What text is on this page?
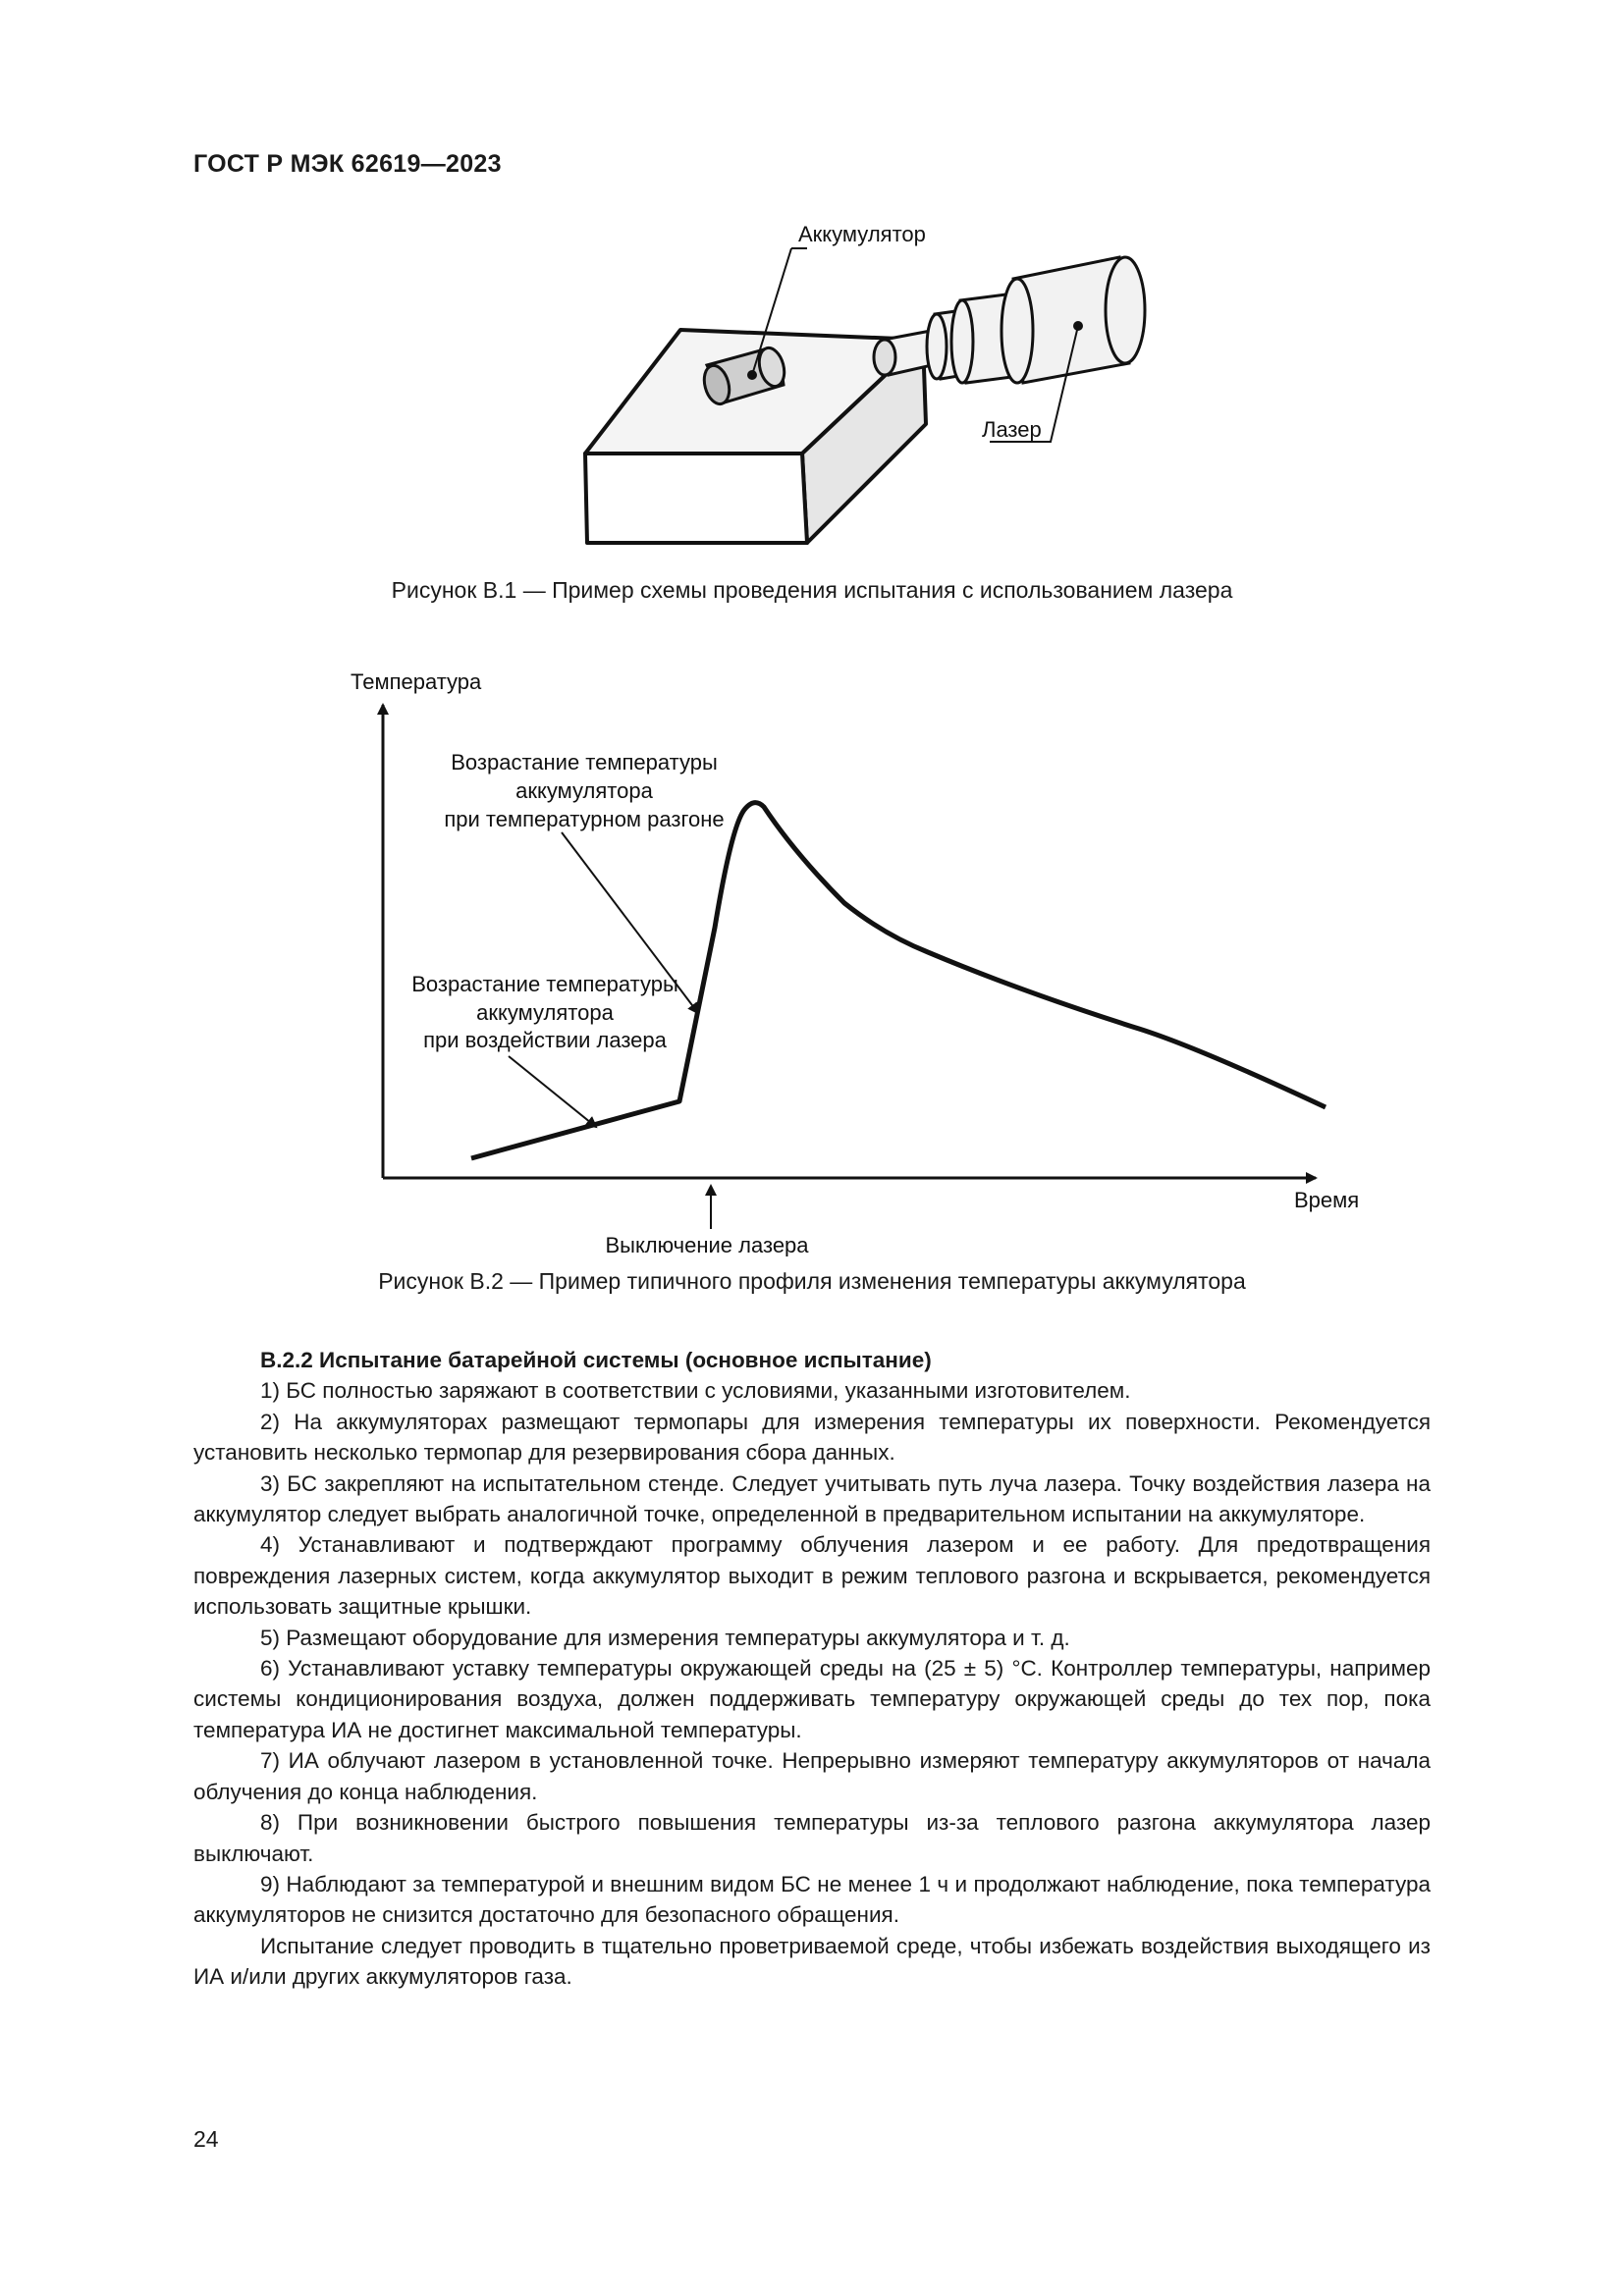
ГОСТ Р МЭК 62619—2023
Аккумулятор
Лазер
Рисунок В.1 — Пример схемы проведения испытания с использованием лазера
Температура
Время
Возрастание температуры
аккумулятора
при температурном разгоне
Возрастание температуры
аккумулятора
при воздействии лазера
Выключение лазера
Рисунок В.2 — Пример типичного профиля изменения температуры аккумулятора

В.2.2 Испытание батарейной системы (основное испытание)

1) БС полностью заряжают в соответствии с условиями, указанными изготовителем.

2) На аккумуляторах размещают термопары для измерения температуры их поверхности. Рекомендуется установить несколько термопар для резервирования сбора данных.

3) БС закрепляют на испытательном стенде. Следует учитывать путь луча лазера. Точку воздействия лазера на аккумулятор следует выбрать аналогичной точке, определенной в предварительном испытании на аккумуляторе.

4) Устанавливают и подтверждают программу облучения лазером и ее работу. Для предотвращения повреждения лазерных систем, когда аккумулятор выходит в режим теплового разгона и вскрывается, рекомендуется использовать защитные крышки.

5) Размещают оборудование для измерения температуры аккумулятора и т. д.

6) Устанавливают уставку температуры окружающей среды на (25 ± 5) °С. Контроллер температуры, например системы кондиционирования воздуха, должен поддерживать температуру окружающей среды до тех пор, пока температура ИА не достигнет максимальной температуры.

7) ИА облучают лазером в установленной точке. Непрерывно измеряют температуру аккумуляторов от начала облучения до конца наблюдения.

8) При возникновении быстрого повышения температуры из-за теплового разгона аккумулятора лазер выключают.

9) Наблюдают за температурой и внешним видом БС не менее 1 ч и продолжают наблюдение, пока температура аккумуляторов не снизится достаточно для безопасного обращения.

Испытание следует проводить в тщательно проветриваемой среде, чтобы избежать воздействия выходящего из ИА и/или других аккумуляторов газа.

24
